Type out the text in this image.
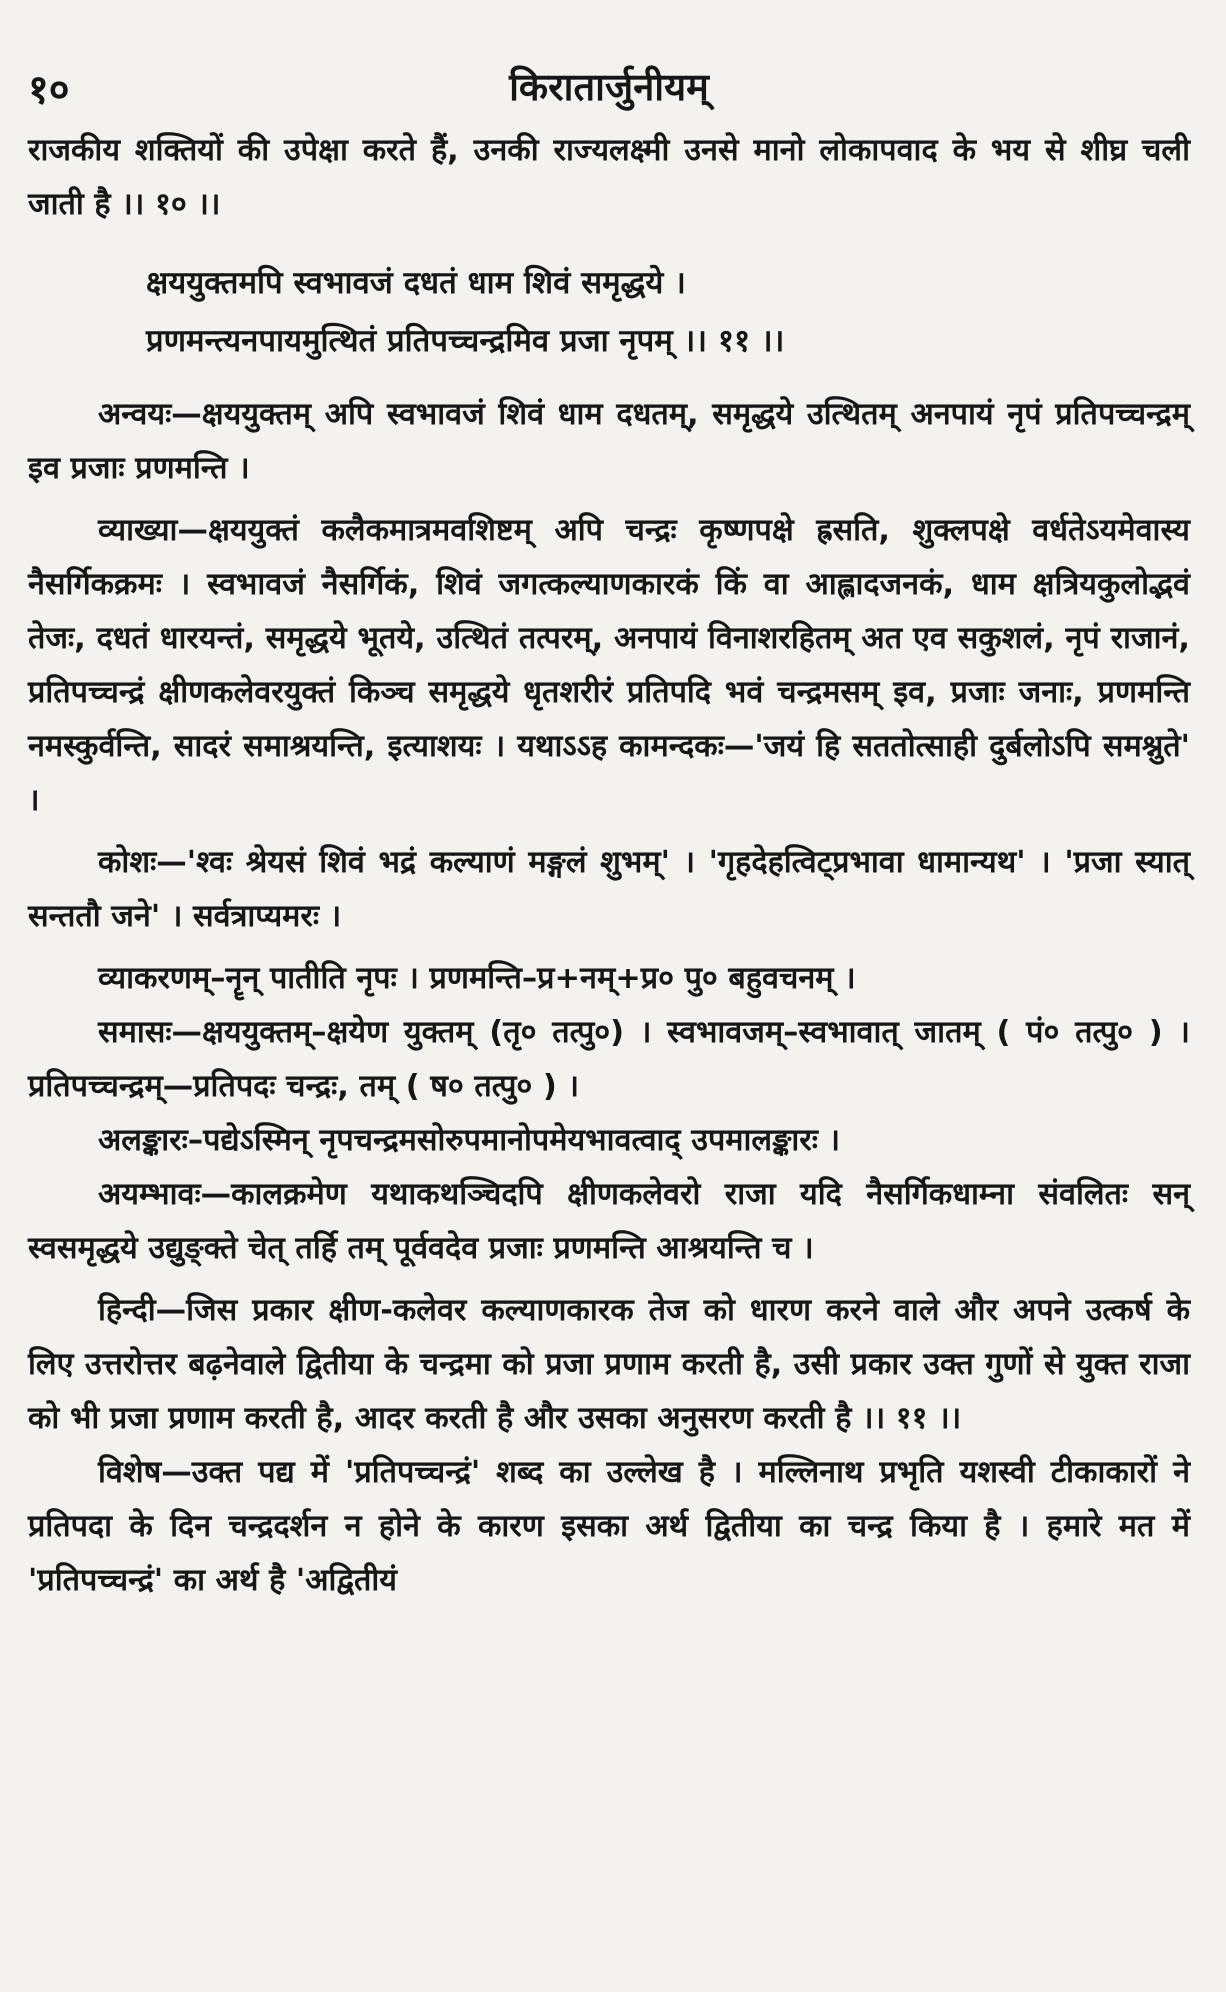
१०	किरातार्जुनीयम्

राजकीय शक्तियों की उपेक्षा करते हैं, उनकी राज्यलक्ष्मी उनसे मानो लोकापवाद के भय से शीघ्र चली जाती है ।। १० ।।

क्षययुक्तमपि स्वभावजं दधतं धाम शिवं समृद्धये ।
प्रणमन्त्यनपायमुत्थितं प्रतिपच्चन्द्रमिव प्रजा नृपम् ।। ११ ।।

अन्वयः—क्षययुक्तम् अपि स्वभावजं शिवं धाम दधतम्, समृद्धये उत्थितम् अनपायं नृपं प्रतिपच्चन्द्रम् इव प्रजाः प्रणमन्ति ।

व्याख्या—क्षययुक्तं कलैकमात्रमवशिष्टम् अपि चन्द्रः कृष्णपक्षे ह्रसति, शुक्लपक्षे वर्धतेऽयमेवास्य नैसर्गिकक्रमः । स्वभावजं नैसर्गिकं, शिवं जगत्कल्याणकारकं किं वा आह्लादजनकं, धाम क्षत्रियकुलोद्भवं तेजः, दधतं धारयन्तं, समृद्धये भूतये, उत्थितं तत्परम्, अनपायं विनाशरहितम् अत एव सकुशलं, नृपं राजानं, प्रतिपच्चन्द्रं क्षीणकलेवरयुक्तं किञ्च समृद्धये धृतशरीरं प्रतिपदि भवं चन्द्रमसम् इव, प्रजाः जनाः, प्रणमन्ति नमस्कुर्वन्ति, सादरं समाश्रयन्ति, इत्याशयः । यथाऽऽह कामन्दकः—'जयं हि सततोत्साही दुर्बलोऽपि समश्नुते' ।

कोशः—'श्वः श्रेयसं शिवं भद्रं कल्याणं मङ्गलं शुभम्' । 'गृहदेहत्विट्प्रभावा धामान्यथ' । 'प्रजा स्यात् सन्ततौ जने' । सर्वत्राप्यमरः ।

व्याकरणम्–नॄन् पातीति नृपः । प्रणमन्ति–प्र+नम्+प्र० पु० बहुवचनम् ।

समासः—क्षययुक्तम्–क्षयेण युक्तम् (तृ० तत्पु०) । स्वभावजम्–स्वभावात् जातम् ( पं० तत्पु० ) । प्रतिपच्चन्द्रम्—प्रतिपदः चन्द्रः, तम् ( ष० तत्पु० ) ।

अलङ्कारः–पद्येऽस्मिन् नृपचन्द्रमसोरुपमानोपमेयभावत्वाद् उपमालङ्कारः ।

अयम्भावः—कालक्रमेण यथाकथञ्चिदपि क्षीणकलेवरो राजा यदि नैसर्गिकधाम्ना संवलितः सन् स्वसमृद्धये उद्युङ्क्ते चेत् तर्हि तम् पूर्ववदेव प्रजाः प्रणमन्ति आश्रयन्ति च ।

हिन्दी—जिस प्रकार क्षीण-कलेवर कल्याणकारक तेज को धारण करने वाले और अपने उत्कर्ष के लिए उत्तरोत्तर बढ़नेवाले द्वितीया के चन्द्रमा को प्रजा प्रणाम करती है, उसी प्रकार उक्त गुणों से युक्त राजा को भी प्रजा प्रणाम करती है, आदर करती है और उसका अनुसरण करती है ।। ११ ।।

विशेष—उक्त पद्य में 'प्रतिपच्चन्द्रं' शब्द का उल्लेख है । मल्लिनाथ प्रभृति यशस्वी टीकाकारों ने प्रतिपदा के दिन चन्द्रदर्शन न होने के कारण इसका अर्थ द्वितीया का चन्द्र किया है । हमारे मत में 'प्रतिपच्चन्द्रं' का अर्थ है 'अद्वितीयं
